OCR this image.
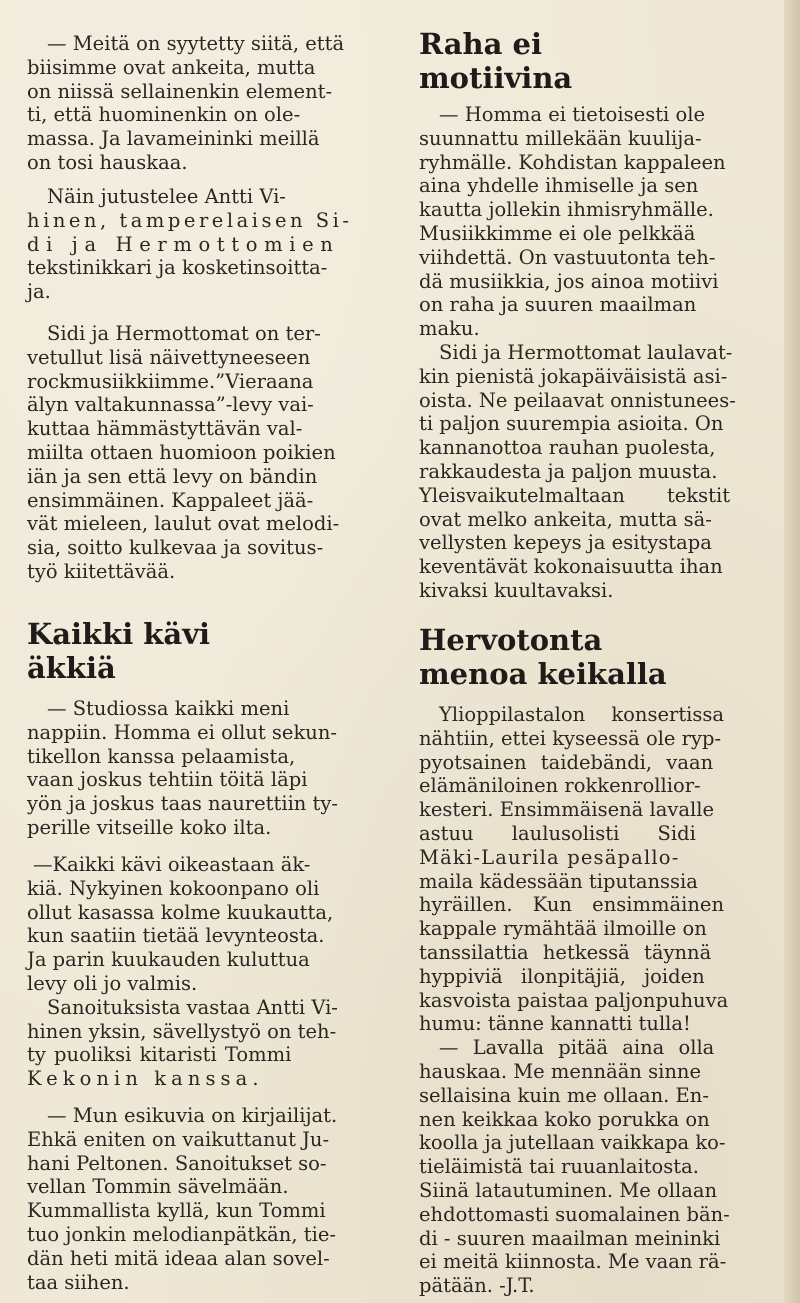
— Meitä on syytetty siitä, että
biisimme ovat ankeita, mutta
on niissä sellainenkin element-
ti, että huominenkin on ole-
massa. Ja lavameininki meillä
on tosi hauskaa.
Näin jutustelee Antti Vi-
hinen, tamperelaisen Si-
di ja Hermottomien
tekstinikkari ja kosketinsoitta-
ja.
Sidi ja Hermottomat on ter-
vetullut lisä näivettyneeseen
rockmusiikkiimme.”Vieraana
älyn valtakunnassa”-levy vai-
kuttaa hämmästyttävän val-
miilta ottaen huomioon poikien
iän ja sen että levy on bändin
ensimmäinen. Kappaleet jää-
vät mieleen, laulut ovat melodi-
sia, soitto kulkevaa ja sovitus-
työ kiitettävää.
Kaikki kävi
äkkiä
— Studiossa kaikki meni
nappiin. Homma ei ollut sekun-
tikellon kanssa pelaamista,
vaan joskus tehtiin töitä läpi
yön ja joskus taas naurettiin ty-
perille vitseille koko ilta.
—Kaikki kävi oikeastaan äk-
kiä. Nykyinen kokoonpano oli
ollut kasassa kolme kuukautta,
kun saatiin tietää levynteosta.
Ja parin kuukauden kuluttua
levy oli jo valmis.
Sanoituksista vastaa Antti Vi-
hinen yksin, sävellystyö on teh-
ty puoliksi kitaristi Tommi
Kekonin kanssa.
— Mun esikuvia on kirjailijat.
Ehkä eniten on vaikuttanut Ju-
hani Peltonen. Sanoitukset so-
vellan Tommin sävelmään.
Kummallista kyllä, kun Tommi
tuo jonkin melodianpätkän, tie-
dän heti mitä ideaa alan sovel-
taa siihen.
Raha ei
motiivina
— Homma ei tietoisesti ole
suunnattu millekään kuulija-
ryhmälle. Kohdistan kappaleen
aina yhdelle ihmiselle ja sen
kautta jollekin ihmisryhmälle.
Musiikkimme ei ole pelkkää
viihdettä. On vastuutonta teh-
dä musiikkia, jos ainoa motiivi
on raha ja suuren maailman
maku.
Sidi ja Hermottomat laulavat-
kin pienistä jokapäiväisistä asi-
oista. Ne peilaavat onnistunees-
ti paljon suurempia asioita. On
kannanottoa rauhan puolesta,
rakkaudesta ja paljon muusta.
Yleisvaikutelmaltaan tekstit
ovat melko ankeita, mutta sä-
vellysten kepeys ja esitystapa
keventävät kokonaisuutta ihan
kivaksi kuultavaksi.
Hervotonta
menoa keikalla
Ylioppilastalon konsertissa
nähtiin, ettei kyseessä ole ryp-
pyotsainen taidebändi, vaan
elämäniloinen rokkenrollior-
kesteri. Ensimmäisenä lavalle
astuu laulusolisti Sidi
Mäki-Laurila pesäpallo-
maila kädessään tiputanssia
hyräillen. Kun ensimmäinen
kappale rymähtää ilmoille on
tanssilattia hetkessä täynnä
hyppiviä ilonpitäjiä, joiden
kasvoista paistaa paljonpuhuva
humu: tänne kannatti tulla!
— Lavalla pitää aina olla
hauskaa. Me mennään sinne
sellaisina kuin me ollaan. En-
nen keikkaa koko porukka on
koolla ja jutellaan vaikkapa ko-
tieläimistä tai ruuanlaitosta.
Siinä latautuminen. Me ollaan
ehdottomasti suomalainen bän-
di - suuren maailman meininki
ei meitä kiinnosta. Me vaan rä-
pätään. -J.T.
